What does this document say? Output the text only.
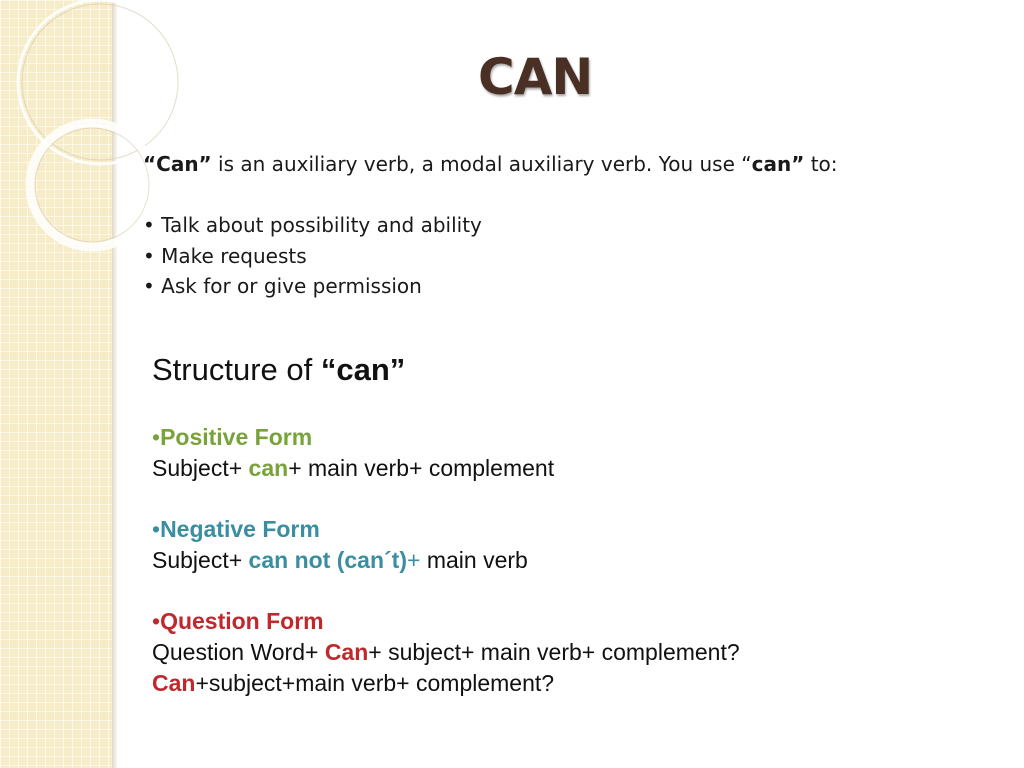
CAN
“Can” is an auxiliary verb, a modal auxiliary verb. You use “can” to:
• Talk about possibility and ability
• Make requests
• Ask for or give permission
Structure of “can”
•Positive Form
Subject+ can+ main verb+ complement
•Negative Form
Subject+ can not (can´t)+ main verb
•Question Form
Question Word+ Can+ subject+ main verb+ complement?
Can+subject+main verb+ complement?
